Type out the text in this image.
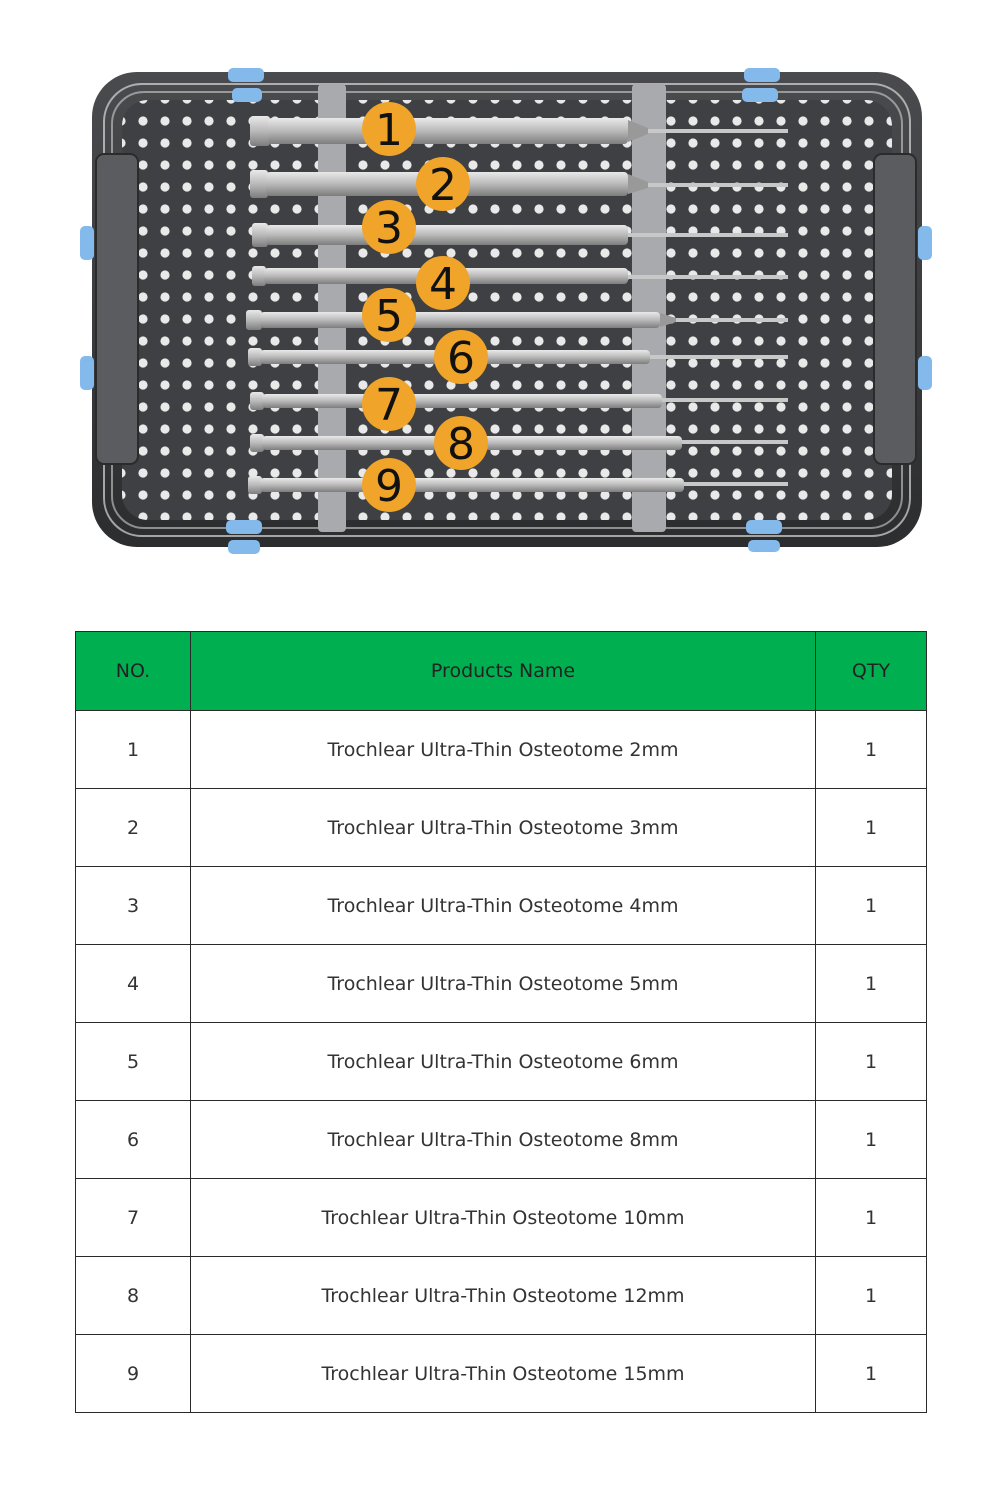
1
2
3
4
5
6
7
8
9
NO.	Products Name	QTY
1	Trochlear Ultra-Thin Osteotome 2mm	1
2	Trochlear Ultra-Thin Osteotome 3mm	1
3	Trochlear Ultra-Thin Osteotome 4mm	1
4	Trochlear Ultra-Thin Osteotome 5mm	1
5	Trochlear Ultra-Thin Osteotome 6mm	1
6	Trochlear Ultra-Thin Osteotome 8mm	1
7	Trochlear Ultra-Thin Osteotome 10mm	1
8	Trochlear Ultra-Thin Osteotome 12mm	1
9	Trochlear Ultra-Thin Osteotome 15mm	1
